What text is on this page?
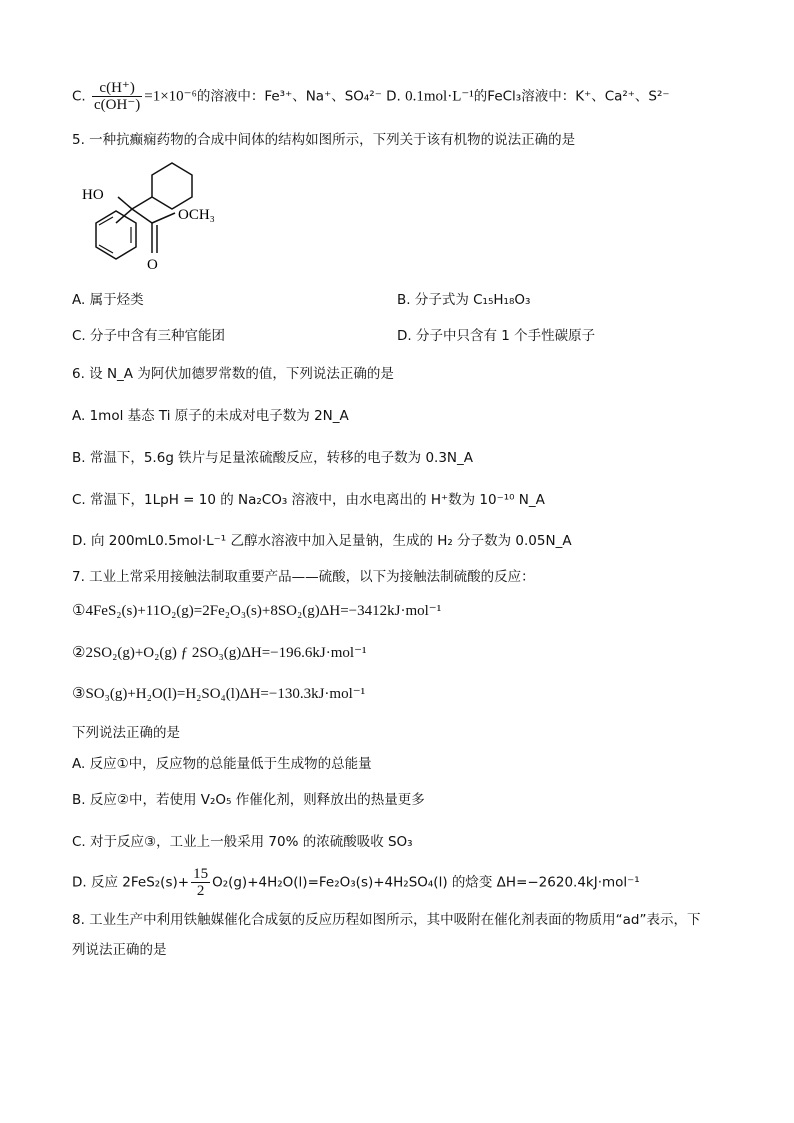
C. $\frac{c(H^+)}{c(OH^-)} =1\times 10^{-6}$的溶液中：Fe³⁺、Na⁺、SO₄²⁻ D. 0.1mol·L⁻¹的FeCl₃溶液中：K⁺、Ca²⁺、S²⁻
5. 一种抗癫痫药物的合成中间体的结构如图所示，下列关于该有机物的说法正确的是
HO
OCH₃
O
A. 属于烃类	B. 分子式为 C₁₅H₁₈O₃
C. 分子中含有三种官能团	D. 分子中只含有 1 个手性碳原子
6. 设 N_A 为阿伏加德罗常数的值，下列说法正确的是
A. 1mol 基态 Ti 原子的未成对电子数为 2N_A
B. 常温下，5.6g 铁片与足量浓硫酸反应，转移的电子数为 0.3N_A
C. 常温下，1LpH = 10 的 Na₂CO₃ 溶液中，由水电离出的 H⁺数为 10⁻¹⁰ N_A
D. 向 200mL0.5mol·L⁻¹ 乙醇水溶液中加入足量钠，生成的 H₂ 分子数为 0.05N_A
7. 工业上常采用接触法制取重要产品——硫酸，以下为接触法制硫酸的反应：
①4FeS₂(s)+11O₂(g)=2Fe₂O₃(s)+8SO₂(g)ΔH=−3412kJ·mol⁻¹
②2SO₂(g)+O₂(g) ƒ 2SO₃(g)ΔH=−196.6kJ·mol⁻¹
③SO₃(g)+H₂O(l)=H₂SO₄(l)ΔH=−130.3kJ·mol⁻¹
下列说法正确的是
A. 反应①中，反应物的总能量低于生成物的总能量
B. 反应②中，若使用 V₂O₅ 作催化剂，则释放出的热量更多
C. 对于反应③，工业上一般采用 70% 的浓硫酸吸收 SO₃
D. 反应 $2FeS_2(s)+ \frac{15}{2} O_2(g)+4H_2O(l)=Fe_2O_3(s)+4H_2SO_4(l)$ 的焓变 ΔH=−2620.4kJ·mol⁻¹
8. 工业生产中利用铁触媒催化合成氨的反应历程如图所示，其中吸附在催化剂表面的物质用“ad”表示，下
列说法正确的是
